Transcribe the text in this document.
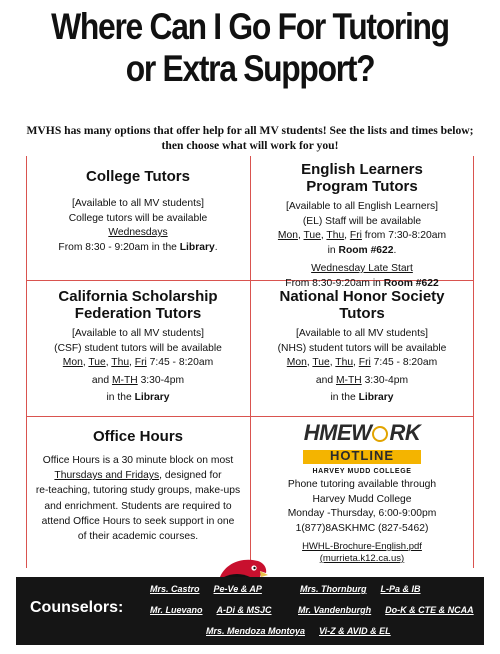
Where Can I Go For Tutoring
or Extra Support?
MVHS has many options that offer help for all MV students! See the lists and times below; then choose what will work for you!
College Tutors
[Available to all MV students]
College tutors will be available
Wednesdays
From 8:30 - 9:20am in the Library.
English Learners
Program Tutors
[Available to all English Learners]
(EL) Staff will be available
Mon, Tue, Thu, Fri from 7:30-8:20am
in Room #622.
Wednesday Late Start
From 8:30-9:20am in Room #622
California Scholarship
Federation Tutors
[Available to all MV students]
(CSF) student tutors will be available
Mon, Tue, Thu, Fri 7:45 - 8:20am
and M-TH 3:30-4pm
in the Library
National Honor Society
Tutors
[Available to all MV students]
(NHS) student tutors will be available
Mon, Tue, Thu, Fri 7:45 - 8:20am
and M-TH 3:30-4pm
in the Library
Office Hours
Office Hours is a 30 minute block on most
Thursdays and Fridays, designed for
re-teaching, tutoring study groups, make-ups
and enrichment. Students are required to
attend Office Hours to seek support in one
of their academic courses.
HMEW RK
HOTLINE
HARVEY MUDD COLLEGE
Phone tutoring available through
Harvey Mudd College
Monday -Thursday, 6:00-9:00pm
1(877)8ASKHMC (827-5462)
HWHL-Brochure-English.pdf
(murrieta.k12.ca.us)
Counselors:
Mrs. Castro Pe-Ve & AP	Mrs. Thornburg L-Pa & IB
Mr. Luevano A-Di & MSJC	Mr. Vandenburgh Do-K & CTE & NCAA
Mrs. Mendoza Montoya Vi-Z & AVID & EL
